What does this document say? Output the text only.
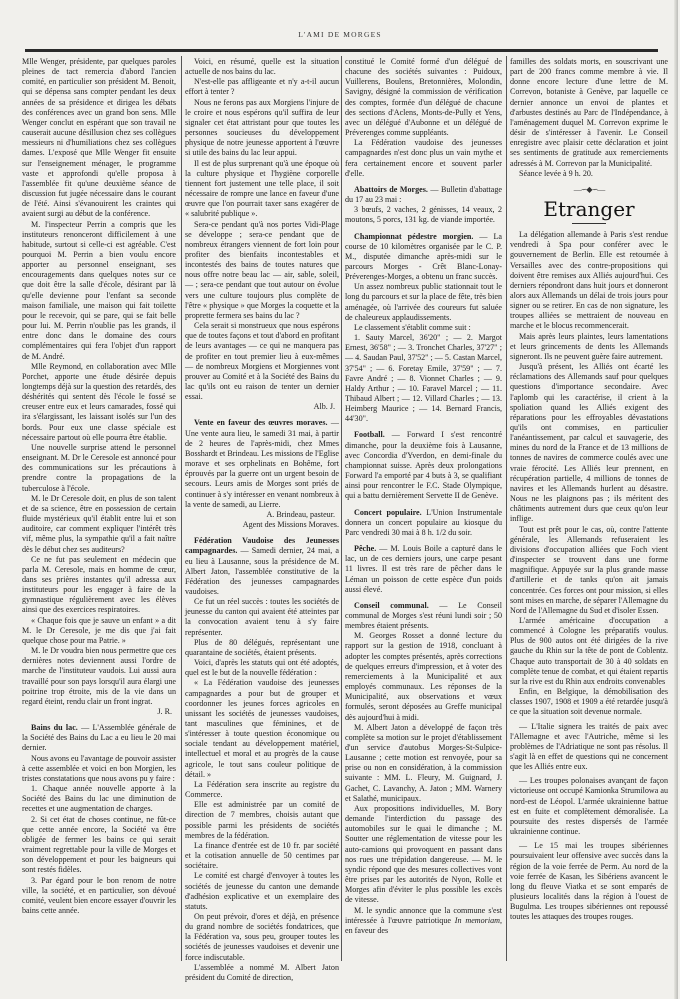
L'AMI DE MORGES

Mlle Wenger, présidente, par quelques paroles pleines de tact remercia d'abord l'ancien comité, en particulier son président M. Benoit, qui se dépensa sans compter pendant les deux années de sa présidence et dirigea les débats des conférences avec un grand bon sens. Mlle Wenger conclut en espérant que son travail ne causerait aucune désillusion chez ses collègues messieurs ni d'humiliations chez ses collègues dames. L'exposé que Mlle Wenger fit ensuite sur l'enseignement ménager, le programme vaste et approfondi qu'elle proposa à l'assemblée fit qu'une deuxième séance de discussion fut jugée nécessaire dans le courant de l'été. Ainsi s'évanouirent les craintes qui avaient surgi au début de la conférence.

M. l'inspecteur Perrin a compris que les instituteurs renonceront difficilement à une habitude, surtout si celle-ci est agréable. C'est pourquoi M. Perrin a bien voulu encore apporter au personnel enseignant, ses encouragements dans quelques notes sur ce que doit être la salle d'école, désirant par là qu'elle devienne pour l'enfant sa seconde maison familiale, une maison qui fait toilette pour le recevoir, qui se pare, qui se fait belle pour lui. M. Perrin n'oublie pas les grands, il entre donc dans le domaine des cours complémentaires qui fera l'objet d'un rapport de M. André.

Mlle Reymond, en collaboration avec Mlle Porchet, apporte une étude désirée depuis longtemps déjà sur la question des retardés, des déshérités qui sentent dès l'école le fossé se creuser entre eux et leurs camarades, fossé qui ira s'élargissant, les laissant isolés sur l'un des bords. Pour eux une classe spéciale est nécessaire partout où elle pourra être établie.

Une nouvelle surprise attend le personnel enseignant. M. Dr le Ceresole est annoncé pour des communications sur les précautions à prendre contre la propagations de la tuberculose à l'école.

M. le Dr Ceresole doit, en plus de son talent et de sa science, être en possession de certain fluide mystérieux qu'il établit entre lui et son auditoire, car comment expliquer l'intérêt très vif, même plus, la sympathie qu'il a fait naître dès le début chez ses auditeurs?

Ce ne fut pas seulement en médecin que parla M. Ceresole, mais en homme de cœur, dans ses prières instantes qu'il adressa aux instituteurs pour les engager à faire de la gymnastique régulièrement avec les élèves ainsi que des exercices respiratoires.

« Chaque fois que je sauve un enfant » a dit M. le Dr Ceresole, je me dis que j'ai fait quelque chose pour ma Patrie. »

M. le Dr voudra bien nous permettre que ces dernières notes deviennent aussi l'ordre de marche de l'instituteur vaudois. Lui aussi aura travaillé pour son pays lorsqu'il aura élargi une poitrine trop étroite, mis de la vie dans un regard éteint, rendu clair un front ingrat.

J. R.

Bains du lac. — L'Assemblée générale de la Société des Bains du Lac a eu lieu le 20 mai dernier.

Nous avons eu l'avantage de pouvoir assister à cette assemblée et voici en bon Morgien, les tristes constatations que nous avons pu y faire :

1. Chaque année nouvelle apporte à la Société des Bains du lac une diminution de recettes et une augmentation de charges.

2. Si cet état de choses continue, ne fût-ce que cette année encore, la Société va être obligée de fermer les bains ce qui serait vraiment regrettable pour la ville de Morges et son développement et pour les baigneurs qui sont restés fidèles.

3. Par égard pour le bon renom de notre ville, la société, et en particulier, son dévoué comité, veulent bien encore essayer d'ouvrir les bains cette année.

Voici, en résumé, quelle est la situation actuelle de nos bains du lac.

N'est-elle pas affligeante et n'y a-t-il aucun effort à tenter ?

Nous ne ferons pas aux Morgiens l'injure de le croire et nous espérons qu'il suffira de leur signaler cet état attristant pour que toutes les personnes soucieuses du développement physique de notre jeunesse apportent à l'œuvre si utile des bains du lac leur appui.

Il est de plus surprenant qu'à une époque où la culture physique et l'hygiène corporelle tiennent fort justement une telle place, il soit nécessaire de rompre une lance en faveur d'une œuvre que l'on pourrait taxer sans exagérer de « salubrité publique ».

Sera-ce pendant qu'à nos portes Vidi-Plage se développe ; sera-ce pendant que de nombreux étrangers viennent de fort loin pour profiter des bienfaits incontestables et incontestés des bains de toutes natures que nous offre notre beau lac — air, sable, soleil, — ; sera-ce pendant que tout autour on évolue vers une culture toujours plus complète de l'être « physique » que Morges la coquette et la proprette fermera ses bains du lac ?

Cela serait si monstrueux que nous espérons que de toutes façons et tout d'abord en profitant de leurs avantages — ce qui ne manquera pas de profiter en tout premier lieu à eux-mêmes — de nombreux Morgiens et Morgiennes vont prouver au Comité et à la Société des Bains du lac qu'ils ont eu raison de tenter un dernier essai.

Alb. J.

Vente en faveur des œuvres moraves. — Une vente aura lieu, le samedi 31 mai, à partir de 2 heures de l'après-midi, chez Mmes Bosshardt et Brindeau. Les missions de l'Eglise morave et ses orphelinats en Bohême, fort éprouvés par la guerre ont un urgent besoin de secours. Leurs amis de Morges sont priés de continuer à s'y intéresser en venant nombreux à la vente de samedi, au Lierre.

A. Brindeau, pasteur.
Agent des Missions Moraves.

Fédération Vaudoise des Jeunesses campagnardes. — Samedi dernier, 24 mai, a eu lieu à Lausanne, sous la présidence de M. Albert Jaton, l'assemblée constitutive de la Fédération des jeunesses campagnardes vaudoises.

Ce fut un réel succès : toutes les sociétés de jeunesse du canton qui avaient été atteintes par la convocation avaient tenu à s'y faire représenter.

Plus de 80 délégués, représentant une quarantaine de sociétés, étaient présents.

Voici, d'après les statuts qui ont été adoptés, quel est le but de la nouvelle fédération :

« La Fédération vaudoise des jeunesses campagnardes a pour but de grouper et coordonner les jeunes forces agricoles en unissant les sociétés de jeunesses vaudoises, tant masculines que féminines, et de s'intéresser à toute question économique ou sociale tendant au développement matériel, intellectuel et moral et au progrès de la cause agricole, le tout sans couleur politique de détail. »

La Fédération sera inscrite au registre du Commerce.

Elle est administrée par un comité de direction de 7 membres, choisis autant que possible parmi les présidents de sociétés membres de la fédération.

La finance d'entrée est de 10 fr. par société et la cotisation annuelle de 50 centimes par sociétaire.

Le comité est chargé d'envoyer à toutes les sociétés de jeunesse du canton une demande d'adhésion explicative et un exemplaire des statuts.

On peut prévoir, d'ores et déjà, en présence du grand nombre de sociétés fondatrices, que la Fédération va, sous peu, grouper toutes les sociétés de jeunesses vaudoises et devenir une force indiscutable.

L'assemblée a nommé M. Albert Jaton président du Comité de direction,

constitué le Comité formé d'un délégué de chacune des sociétés suivantes : Puidoux, Vuillerens, Boulens, Bretonnières, Molondin, Savigny, désigné la commission de vérification des comptes, formée d'un délégué de chacune des sections d'Aclens, Monts-de-Pully et Yens, avec un délégué d'Aubonne et un délégué de Préverenges comme suppléants.

La Fédération vaudoise des jeunesses campagnardes n'est donc plus un vain mythe et fera certainement encore et souvent parler d'elle.

Abattoirs de Morges. — Bulletin d'abattage du 17 au 23 mai :

3 bœufs, 2 vaches, 2 génisses, 14 veaux, 2 moutons, 5 porcs, 131 kg. de viande importée.

Championnat pédestre morgien. — La course de 10 kilomètres organisée par le C. P. M., disputée dimanche après-midi sur le parcours Morges - Crêt Blanc-Lonay-Préverenges-Morges, a obtenu un franc succès.

Un assez nombreux public stationnait tout le long du parcours et sur la place de fête, très bien aménagée, où l'arrivée des coureurs fut saluée de chaleureux applaudissements.

Le classement s'établit comme suit :

1. Sauty Marcel, 36'20" ; — 2. Margot Ernest, 36'58" ; — 3. Tronchet Charles, 37'27" ; — 4. Saudan Paul, 37'52" ; — 5. Castan Marcel, 37'54" ; — 6. Foretay Emile, 37'59" ; — 7. Favre André ; — 8. Vionnet Charles ; — 9. Haldy Arthur ; — 10. Faravel Marcel ; — 11. Thibaud Albert ; — 12. Villard Charles ; — 13. Heimberg Maurice ; — 14. Bernard Francis, 44'30".

Football. — Forward I s'est rencontré dimanche, pour la deuxième fois à Lausanne, avec Concordia d'Yverdon, en demi-finale du championnat suisse. Après deux prolongations Forward l'a emporté par 4 buts à 3, se qualifiant ainsi pour rencontrer le F.C. Stade Olympique, qui a battu dernièrement Servette II de Genève.

Concert populaire. L'Union Instrumentale donnera un concert populaire au kiosque du Parc vendredi 30 mai à 8 h. 1/2 du soir.

Pêche. — M. Louis Boile a capturé dans le lac, un de ces derniers jours, une carpe pesant 11 livres. Il est très rare de pêcher dans le Léman un poisson de cette espèce d'un poids aussi élevé.

Conseil communal. — Le Conseil communal de Morges s'est réuni lundi soir ; 50 membres étaient présents.

M. Georges Rosset a donné lecture du rapport sur la gestion de 1918, concluant à adopter les comptes présentés, après corrections de quelques erreurs d'impression, et à voter des remerciements à la Municipalité et aux employés communaux. Les réponses de la Municipalité, aux observations et vœux formulés, seront déposées au Greffe municipal dès aujourd'hui à midi.

M. Albert Jaton a développé de façon très complète sa motion sur le projet d'établissement d'un service d'autobus Morges-St-Sulpice-Lausanne ; cette motion est renvoyée, pour sa prise ou non en considération, à la commission suivante : MM. L. Fleury, M. Guignard, J. Gachet, C. Lavanchy, A. Jaton ; MM. Warnery et Salathé, municipaux.

Aux propositions individuelles, M. Bory demande l'interdiction du passage des automobiles sur le quai le dimanche ; M. Soutter une réglementation de vitesse pour les auto-camions qui provoquent en passant dans nos rues une trépidation dangereuse. — M. le syndic répond que des mesures collectives vont être prises par les autorités de Nyon, Rolle et Morges afin d'éviter le plus possible les excès de vitesse.

M. le syndic annonce que la commune s'est intéressée à l'œuvre patriotique In memoriam, en faveur des

familles des soldats morts, en souscrivant une part de 200 francs comme membre à vie. Il donne encore lecture d'une lettre de M. Correvon, botaniste à Genève, par laquelle ce dernier annonce un envoi de plantes et d'arbustes destinés au Parc de l'Indépendance, à l'aménagement duquel M. Correvon exprime le désir de s'intéresser à l'avenir. Le Conseil enregistre avec plaisir cette déclaration et joint ses sentiments de gratitude aux remerciements adressés à M. Correvon par la Municipalité.

Séance levée à 9 h. 20.

—∽◆∽—
Etranger

La délégation allemande à Paris s'est rendue vendredi à Spa pour conférer avec le gouvernement de Berlin. Elle est retournée à Versailles avec des contre-propositions qui doivent être remises aux Alliés aujourd'hui. Ces derniers répondront dans huit jours et donneront alors aux Allemands un délai de trois jours pour signer ou se retirer. En cas de non signature, les troupes alliées se mettraient de nouveau en marche et le blocus recommencerait.

Mais après leurs plaintes, leurs lamentations et leurs grincements de dents les Allemands signeront. Ils ne peuvent guère faire autrement.

Jusqu'à présent, les Alliés ont écarté les réclamations des Allemands sauf pour quelques questions d'importance secondaire. Avec l'aplomb qui les caractérise, il crient à la spoliation quand les Alliés exigent des réparations pour les effroyables dévastations qu'ils ont commises, en particulier l'anéantissement, par calcul et sauvagerie, des mines du nord de la France et de 13 millions de tonnes de navires de commerce coulés avec une vraie férocité. Les Alliés leur prennent, en récupération partielle, 4 millions de tonnes de navires et les Allemands hurlent au désastre. Nous ne les plaignons pas ; ils méritent des châtiments autrement durs que ceux qu'on leur inflige.

Tout est prêt pour le cas, où, contre l'attente générale, les Allemands refuseraient les divisions d'occupation alliées que Foch vient d'inspecter se trouvent dans une forme magnifique. Appuyée sur la plus grande masse d'artillerie et de tanks qu'on ait jamais concentrée. Ces forces ont pour mission, si elles sont mises en marche, de séparer l'Allemagne du Nord de l'Allemagne du Sud et d'isoler Essen.

L'armée américaine d'occupation a commencé à Cologne les préparatifs voulus. Plus de 900 autos ont été dirigées de la rive gauche du Rhin sur la tête de pont de Coblentz. Chaque auto transportait de 30 à 40 soldats en complète tenue de combat, et qui étaient repartis sur la rive est du Rhin aux endroits convenables

Enfin, en Belgique, la démobilisation des classes 1907, 1908 et 1909 a été retardée jusqu'à ce que la situation soit devenue normale.

— L'Italie signera les traités de paix avec l'Allemagne et avec l'Autriche, même si les problèmes de l'Adriatique ne sont pas résolus. Il s'agit là en effet de questions qui ne concernent que les Alliés entre eux.

— Les troupes polonaises avançant de façon victorieuse ont occupé Kamionka Strumilowa au nord-est de Léopol. L'armée ukrainienne battue est en fuite et complètement démoralisée. La poursuite des restes dispersés de l'armée ukrainienne continue.

— Le 15 mai les troupes sibériennes poursuivaient leur offensive avec succès dans la région de la voie ferrée de Perm. Au nord de la voie ferrée de Kasan, les Sibériens avancent le long du fleuve Viatka et se sont emparés de plusieurs localités dans la région à l'ouest de Bugulma. Les troupes sibériennes ont repoussé toutes les attaques des troupes rouges.
